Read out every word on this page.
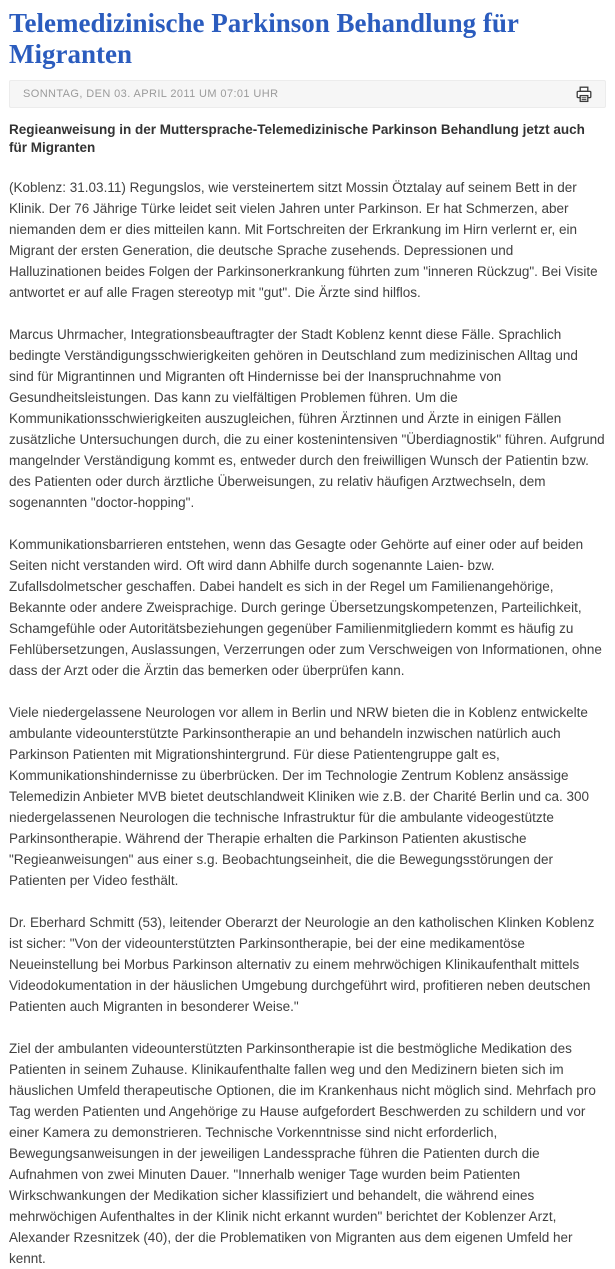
Telemedizinische Parkinson Behandlung für Migranten
SONNTAG, DEN 03. APRIL 2011 UM 07:01 UHR
Regieanweisung in der Muttersprache-Telemedizinische Parkinson Behandlung jetzt auch für Migranten

(Koblenz: 31.03.11) Regungslos, wie versteinertem sitzt Mossin Ötztalay auf seinem Bett in der Klinik. Der 76 Jährige Türke leidet seit vielen Jahren unter Parkinson. Er hat Schmerzen, aber niemanden dem er dies mitteilen kann. Mit Fortschreiten der Erkrankung im Hirn verlernt er, ein Migrant der ersten Generation, die deutsche Sprache zusehends. Depressionen und Halluzinationen beides Folgen der Parkinsonerkrankung führten zum "inneren Rückzug". Bei Visite antwortet er auf alle Fragen stereotyp mit "gut". Die Ärzte sind hilflos.

Marcus Uhrmacher, Integrationsbeauftragter der Stadt Koblenz kennt diese Fälle. Sprachlich bedingte Verständigungsschwierigkeiten gehören in Deutschland zum medizinischen Alltag und sind für Migrantinnen und Migranten oft Hindernisse bei der Inanspruchnahme von Gesundheitsleistungen. Das kann zu vielfältigen Problemen führen. Um die Kommunikationsschwierigkeiten auszugleichen, führen Ärztinnen und Ärzte in einigen Fällen zusätzliche Untersuchungen durch, die zu einer kostenintensiven "Überdiagnostik" führen. Aufgrund mangelnder Verständigung kommt es, entweder durch den freiwilligen Wunsch der Patientin bzw. des Patienten oder durch ärztliche Überweisungen, zu relativ häufigen Arztwechseln, dem sogenannten "doctor-hopping".

Kommunikationsbarrieren entstehen, wenn das Gesagte oder Gehörte auf einer oder auf beiden Seiten nicht verstanden wird. Oft wird dann Abhilfe durch sogenannte Laien- bzw. Zufallsdolmetscher geschaffen. Dabei handelt es sich in der Regel um Familienangehörige, Bekannte oder andere Zweisprachige. Durch geringe Übersetzungskompetenzen, Parteilichkeit, Schamgefühle oder Autoritätsbeziehungen gegenüber Familienmitgliedern kommt es häufig zu Fehlübersetzungen, Auslassungen, Verzerrungen oder zum Verschweigen von Informationen, ohne dass der Arzt oder die Ärztin das bemerken oder überprüfen kann.

Viele niedergelassene Neurologen vor allem in Berlin und NRW bieten die in Koblenz entwickelte ambulante videounterstützte Parkinsontherapie an und behandeln inzwischen natürlich auch Parkinson Patienten mit Migrationshintergrund. Für diese Patientengruppe galt es, Kommunikationshindernisse zu überbrücken. Der im Technologie Zentrum Koblenz ansässige Telemedizin Anbieter MVB bietet deutschlandweit Kliniken wie z.B. der Charité Berlin und ca. 300 niedergelassenen Neurologen die technische Infrastruktur für die ambulante videogestützte Parkinsontherapie. Während der Therapie erhalten die Parkinson Patienten akustische "Regieanweisungen" aus einer s.g. Beobachtungseinheit, die die Bewegungsstörungen der Patienten per Video festhält.

Dr. Eberhard Schmitt (53), leitender Oberarzt der Neurologie an den katholischen Klinken Koblenz ist sicher: "Von der videounterstützten Parkinsontherapie, bei der eine medikamentöse Neueinstellung bei Morbus Parkinson alternativ zu einem mehrwöchigen Klinikaufenthalt mittels Videodokumentation in der häuslichen Umgebung durchgeführt wird, profitieren neben deutschen Patienten auch Migranten in besonderer Weise."

Ziel der ambulanten videounterstützten Parkinsontherapie ist die bestmögliche Medikation des Patienten in seinem Zuhause. Klinikaufenthalte fallen weg und den Medizinern bieten sich im häuslichen Umfeld therapeutische Optionen, die im Krankenhaus nicht möglich sind. Mehrfach pro Tag werden Patienten und Angehörige zu Hause aufgefordert Beschwerden zu schildern und vor einer Kamera zu demonstrieren. Technische Vorkenntnisse sind nicht erforderlich, Bewegungsanweisungen in der jeweiligen Landessprache führen die Patienten durch die Aufnahmen von zwei Minuten Dauer. "Innerhalb weniger Tage wurden beim Patienten Wirkschwankungen der Medikation sicher klassifiziert und behandelt, die während eines mehrwöchigen Aufenthaltes in der Klinik nicht erkannt wurden" berichtet der Koblenzer Arzt, Alexander Rzesnitzek (40), der die Problematiken von Migranten aus dem eigenen Umfeld her kennt.
